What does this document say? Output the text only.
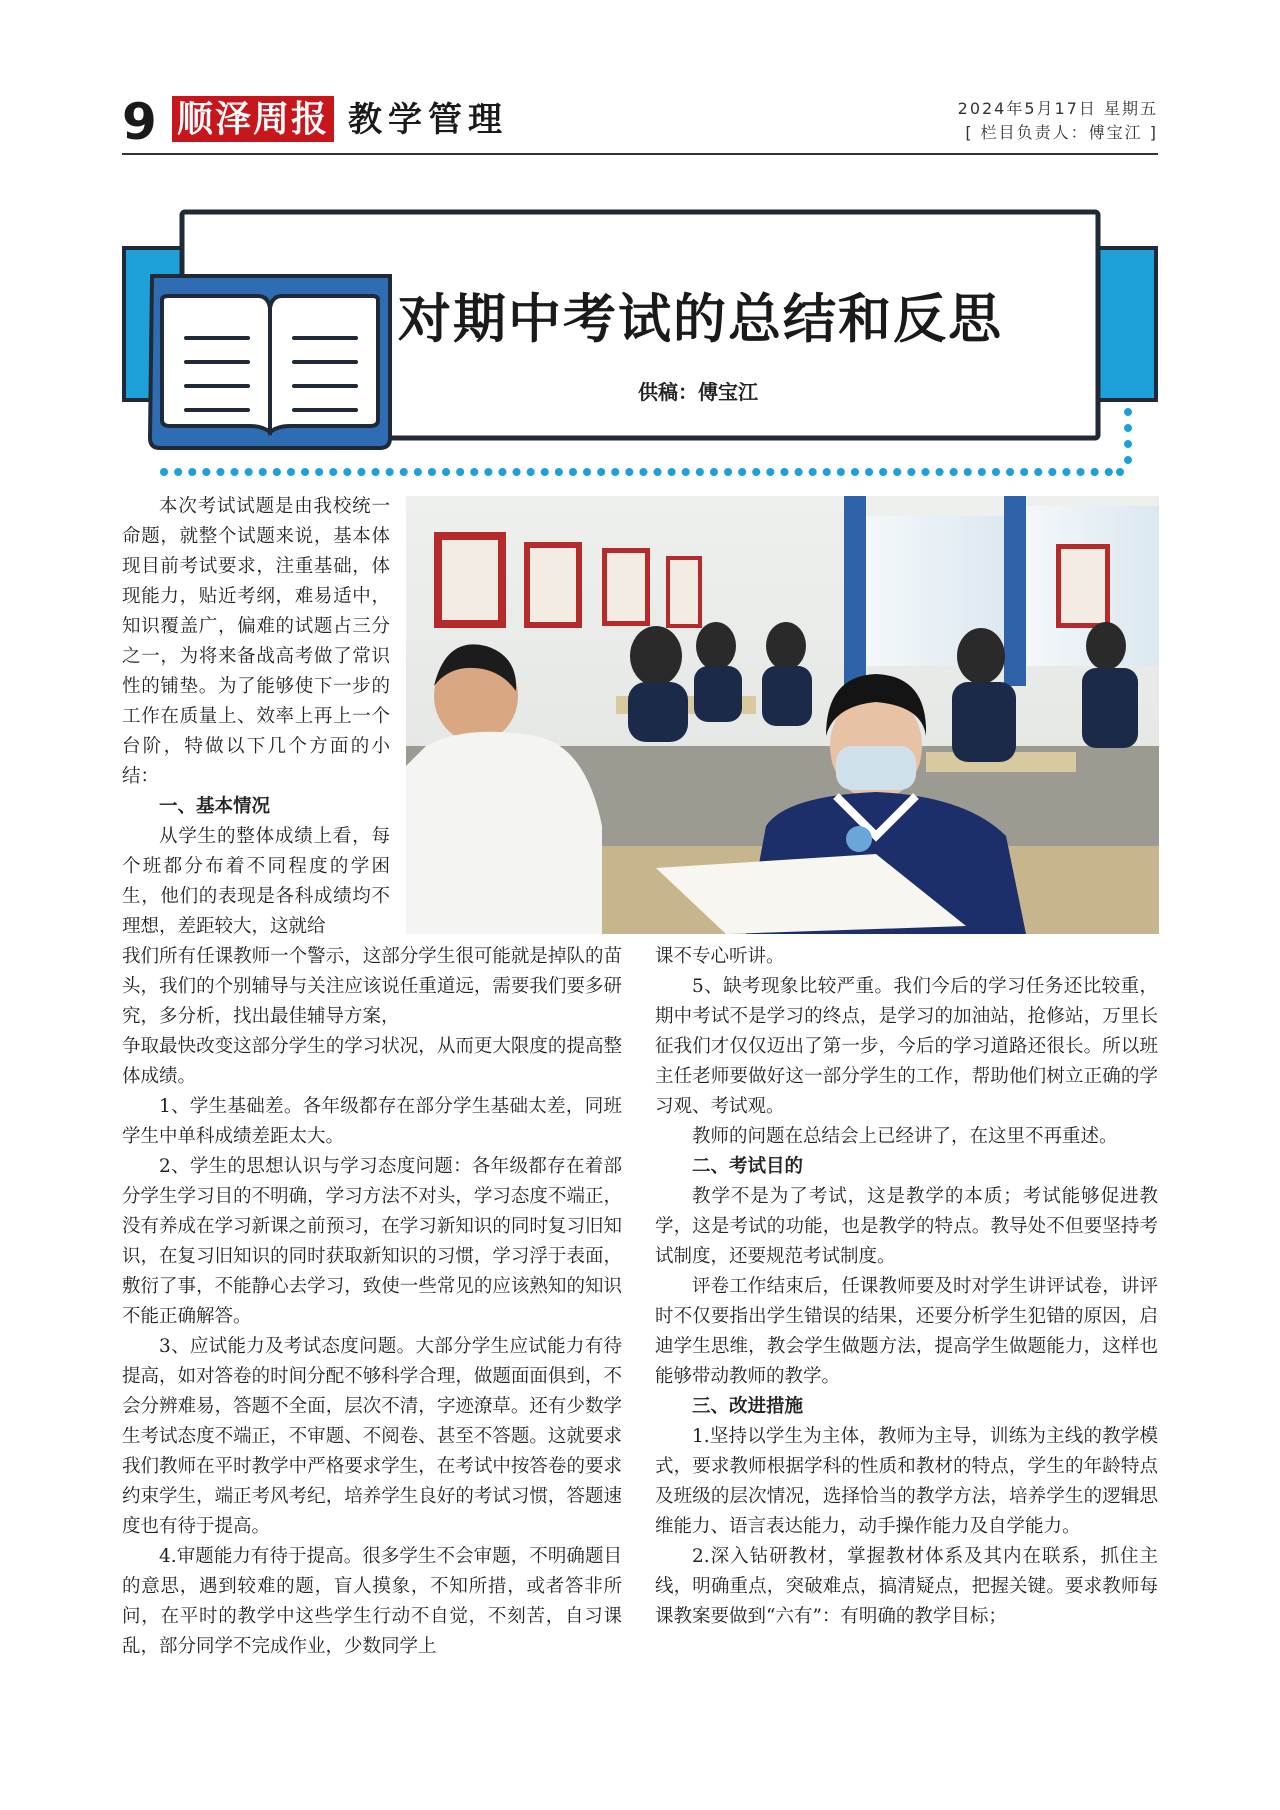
9 顺泽周报 教学管理	2024年5月17日 星期五
[ 栏目负责人：傅宝江 ]
对期中考试的总结和反思
供稿：傅宝江

本次考试试题是由我校统一命题，就整个试题来说，基本体现目前考试要求，注重基础，体现能力，贴近考纲，难易适中，知识覆盖广，偏难的试题占三分之一，为将来备战高考做了常识性的铺垫。为了能够使下一步的工作在质量上、效率上再上一个台阶，特做以下几个方面的小结：

一、基本情况

从学生的整体成绩上看，每个班都分布着不同程度的学困生，他们的表现是各科成绩均不理想，差距较大，这就给

我们所有任课教师一个警示，这部分学生很可能就是掉队的苗头，我们的个别辅导与关注应该说任重道远，需要我们要多研究，多分析，找出最佳辅导方案，

争取最快改变这部分学生的学习状况，从而更大限度的提高整体成绩。

1、学生基础差。各年级都存在部分学生基础太差，同班学生中单科成绩差距太大。

2、学生的思想认识与学习态度问题：各年级都存在着部分学生学习目的不明确，学习方法不对头，学习态度不端正，没有养成在学习新课之前预习，在学习新知识的同时复习旧知识，在复习旧知识的同时获取新知识的习惯，学习浮于表面，敷衍了事，不能静心去学习，致使一些常见的应该熟知的知识不能正确解答。

3、应试能力及考试态度问题。大部分学生应试能力有待提高，如对答卷的时间分配不够科学合理，做题面面俱到，不会分辨难易，答题不全面，层次不清，字迹潦草。还有少数学生考试态度不端正，不审题、不阅卷、甚至不答题。这就要求我们教师在平时教学中严格要求学生，在考试中按答卷的要求约束学生，端正考风考纪，培养学生良好的考试习惯，答题速度也有待于提高。

4.审题能力有待于提高。很多学生不会审题，不明确题目的意思，遇到较难的题，盲人摸象，不知所措，或者答非所问，在平时的教学中这些学生行动不自觉，不刻苦，自习课乱，部分同学不完成作业，少数同学上

课不专心听讲。

5、缺考现象比较严重。我们今后的学习任务还比较重，期中考试不是学习的终点，是学习的加油站，抢修站，万里长征我们才仅仅迈出了第一步，今后的学习道路还很长。所以班主任老师要做好这一部分学生的工作，帮助他们树立正确的学习观、考试观。

教师的问题在总结会上已经讲了，在这里不再重述。

二、考试目的

教学不是为了考试，这是教学的本质；考试能够促进教学，这是考试的功能，也是教学的特点。教导处不但要坚持考试制度，还要规范考试制度。

评卷工作结束后，任课教师要及时对学生讲评试卷，讲评时不仅要指出学生错误的结果，还要分析学生犯错的原因，启迪学生思维，教会学生做题方法，提高学生做题能力，这样也能够带动教师的教学。

三、改进措施

1.坚持以学生为主体，教师为主导，训练为主线的教学模式，要求教师根据学科的性质和教材的特点，学生的年龄特点及班级的层次情况，选择恰当的教学方法，培养学生的逻辑思维能力、语言表达能力，动手操作能力及自学能力。

2.深入钻研教材，掌握教材体系及其内在联系，抓住主线，明确重点，突破难点，搞清疑点，把握关键。要求教师每课教案要做到“六有”：有明确的教学目标；
